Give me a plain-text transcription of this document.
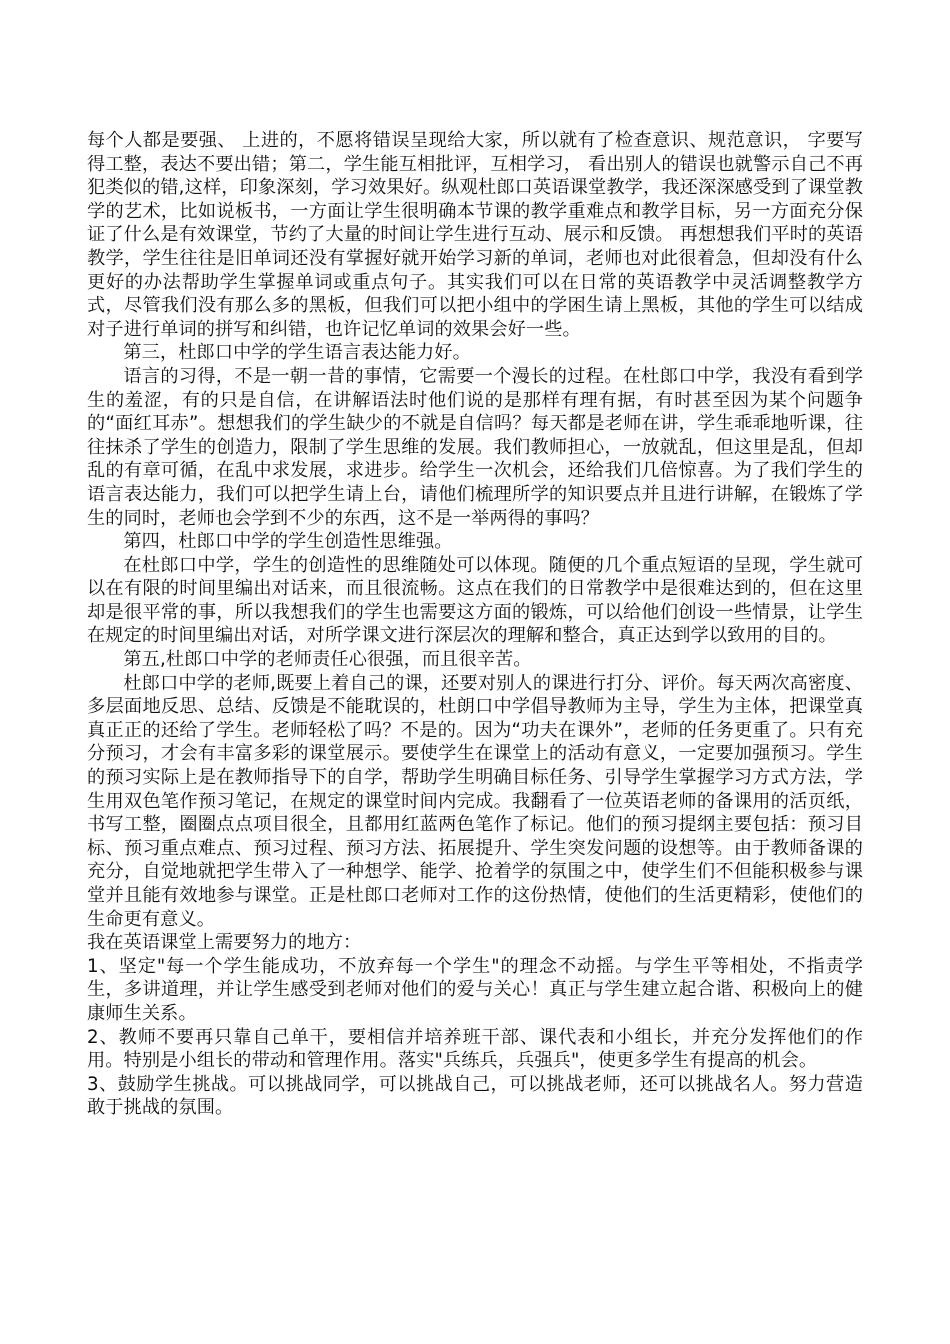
每个人都是要强、 上进的，不愿将错误呈现给大家，所以就有了检查意识、规范意识， 字要写得工整，表达不要出错；第二，学生能互相批评，互相学习， 看出别人的错误也就警示自己不再犯类似的错,这样，印象深刻，学习效果好。纵观杜郎口英语课堂教学，我还深深感受到了课堂教学的艺术，比如说板书，一方面让学生很明确本节课的教学重难点和教学目标，另一方面充分保证了什么是有效课堂，节约了大量的时间让学生进行互动、展示和反馈。 再想想我们平时的英语教学，学生往往是旧单词还没有掌握好就开始学习新的单词，老师也对此很着急，但却没有什么更好的办法帮助学生掌握单词或重点句子。其实我们可以在日常的英语教学中灵活调整教学方式，尽管我们没有那么多的黑板，但我们可以把小组中的学困生请上黑板，其他的学生可以结成对子进行单词的拼写和纠错，也许记忆单词的效果会好一些。

第三，杜郎口中学的学生语言表达能力好。

语言的习得，不是一朝一昔的事情，它需要一个漫长的过程。在杜郎口中学，我没有看到学生的羞涩，有的只是自信，在讲解语法时他们说的是那样有理有据，有时甚至因为某个问题争的“面红耳赤”。想想我们的学生缺少的不就是自信吗？每天都是老师在讲，学生乖乖地听课，往往抹杀了学生的创造力，限制了学生思维的发展。我们教师担心，一放就乱，但这里是乱，但却乱的有章可循，在乱中求发展，求进步。给学生一次机会，还给我们几倍惊喜。为了我们学生的语言表达能力，我们可以把学生请上台，请他们梳理所学的知识要点并且进行讲解，在锻炼了学生的同时，老师也会学到不少的东西，这不是一举两得的事吗？

第四，杜郎口中学的学生创造性思维强。

在杜郎口中学，学生的创造性的思维随处可以体现。随便的几个重点短语的呈现，学生就可以在有限的时间里编出对话来，而且很流畅。这点在我们的日常教学中是很难达到的，但在这里却是很平常的事，所以我想我们的学生也需要这方面的锻炼，可以给他们创设一些情景，让学生在规定的时间里编出对话，对所学课文进行深层次的理解和整合，真正达到学以致用的目的。

第五,杜郎口中学的老师责任心很强，而且很辛苦。

杜郎口中学的老师,既要上着自己的课，还要对别人的课进行打分、评价。每天两次高密度、多层面地反思、总结、反馈是不能耽误的，杜朗口中学倡导教师为主导，学生为主体，把课堂真真正正的还给了学生。老师轻松了吗？不是的。因为“功夫在课外”，老师的任务更重了。只有充分预习，才会有丰富多彩的课堂展示。要使学生在课堂上的活动有意义，一定要加强预习。学生的预习实际上是在教师指导下的自学，帮助学生明确目标任务、引导学生掌握学习方式方法，学生用双色笔作预习笔记，在规定的课堂时间内完成。我翻看了一位英语老师的备课用的活页纸，书写工整，圈圈点点项目很全，且都用红蓝两色笔作了标记。他们的预习提纲主要包括：预习目标、预习重点难点、预习过程、预习方法、拓展提升、学生突发问题的设想等。由于教师备课的充分，自觉地就把学生带入了一种想学、能学、抢着学的氛围之中，使学生们不但能积极参与课堂并且能有效地参与课堂。正是杜郎口老师对工作的这份热情，使他们的生活更精彩，使他们的生命更有意义。

我在英语课堂上需要努力的地方：

1、坚定"每一个学生能成功，不放弃每一个学生"的理念不动摇。与学生平等相处，不指责学生，多讲道理，并让学生感受到老师对他们的爱与关心！真正与学生建立起合谐、积极向上的健康师生关系。

2、教师不要再只靠自己单干，要相信并培养班干部、课代表和小组长，并充分发挥他们的作用。特别是小组长的带动和管理作用。落实"兵练兵，兵强兵"，使更多学生有提高的机会。

3、鼓励学生挑战。可以挑战同学，可以挑战自己，可以挑战老师，还可以挑战名人。努力营造敢于挑战的氛围。
